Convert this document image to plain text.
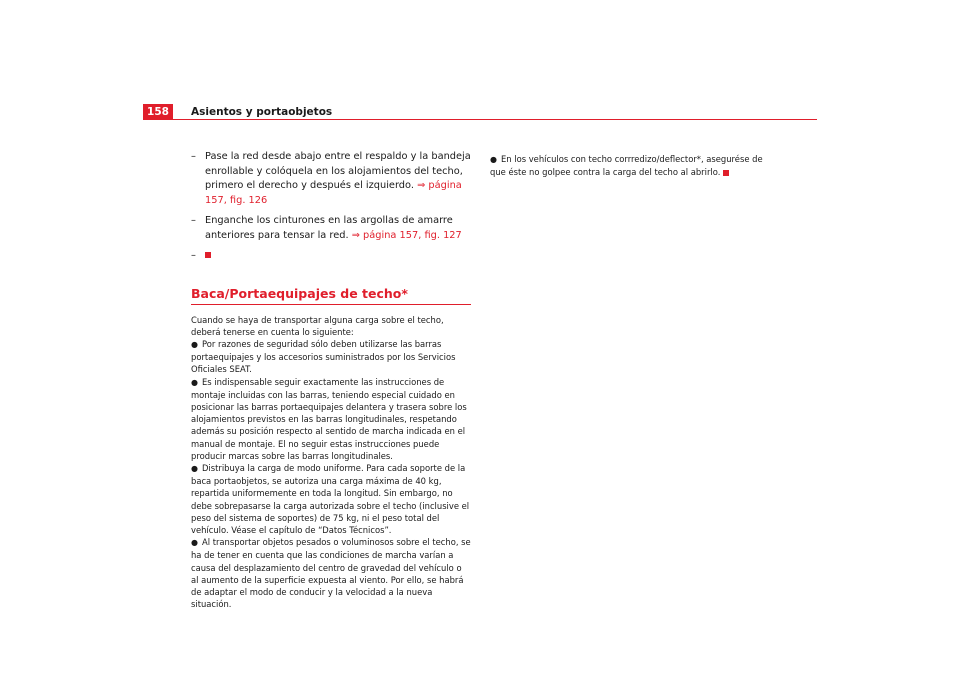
158	Asientos y portaobjetos
– Pase la red desde abajo entre el respaldo y la bandeja enrollable y colóquela en los alojamientos del techo, primero el derecho y después el izquierdo. ⇒ página 157, fig. 126
– Enganche los cinturones en las argollas de amarre anteriores para tensar la red. ⇒ página 157, fig. 127
–
Baca/Portaequipajes de techo*

Cuando se haya de transportar alguna carga sobre el techo, deberá tenerse en cuenta lo siguiente:

● Por razones de seguridad sólo deben utilizarse las barras portaequipajes y los accesorios suministrados por los Servicios Oficiales SEAT.

● Es indispensable seguir exactamente las instrucciones de montaje incluidas con las barras, teniendo especial cuidado en posicionar las barras portaequipajes delantera y trasera sobre los alojamientos previstos en las barras longitudinales, respetando además su posición respecto al sentido de marcha indicada en el manual de montaje. El no seguir estas instrucciones puede producir marcas sobre las barras longitudinales.

● Distribuya la carga de modo uniforme. Para cada soporte de la baca portaobjetos, se autoriza una carga máxima de 40 kg, repartida uniformemente en toda la longitud. Sin embargo, no debe sobrepasarse la carga autorizada sobre el techo (inclusive el peso del sistema de soportes) de 75 kg, ni el peso total del vehículo. Véase el capítulo de “Datos Técnicos”.

● Al transportar objetos pesados o voluminosos sobre el techo, se ha de tener en cuenta que las condiciones de marcha varían a causa del desplazamiento del centro de gravedad del vehículo o al aumento de la superficie expuesta al viento. Por ello, se habrá de adaptar el modo de conducir y la velocidad a la nueva situación.

● En los vehículos con techo corrredizo/deflector*, asegurése de que éste no golpee contra la carga del techo al abrirlo.
